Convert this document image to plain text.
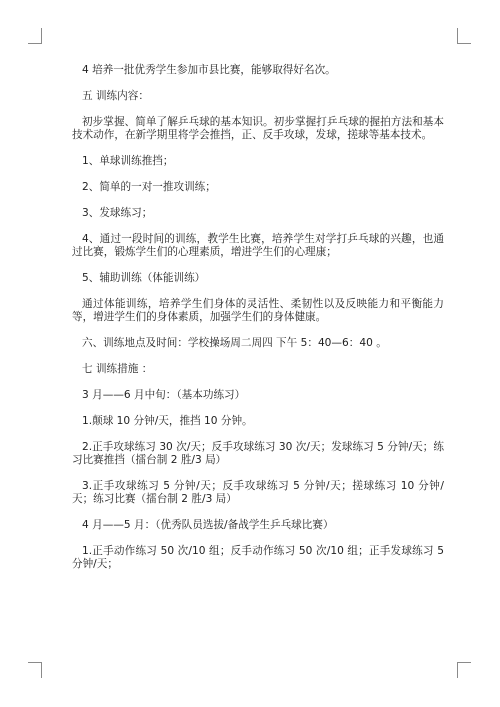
4 培养一批优秀学生参加市县比赛，能够取得好名次。

五 训练内容：

初步掌握、简单了解乒乓球的基本知识。初步掌握打乒乓球的握拍方法和基本技术动作，在新学期里将学会推挡，正、反手攻球，发球，搓球等基本技术。

1、单球训练推挡；

2、简单的一对一推攻训练；

3、发球练习；

4、通过一段时间的训练，教学生比赛，培养学生对学打乒乓球的兴趣，也通过比赛，锻炼学生们的心理素质，增进学生们的心理康；

5、辅助训练（体能训练）

通过体能训练，培养学生们身体的灵活性、柔韧性以及反映能力和平衡能力等，增进学生们的身体素质，加强学生们的身体健康。

六、训练地点及时间：学校操场周二周四 下午 5：40—6：40 。

七 训练措施 ：

3 月——6 月中旬：（基本功练习）

1.颠球 10 分钟/天，推挡 10 分钟。

2.正手攻球练习 30 次/天；反手攻球练习 30 次/天；发球练习 5 分钟/天；练习比赛推挡（擂台制 2 胜/3 局）

3.正手攻球练习 5 分钟/天；反手攻球练习 5 分钟/天；搓球练习 10 分钟/天；练习比赛（擂台制 2 胜/3 局）

4 月——5 月：（优秀队员选拔/备战学生乒乓球比赛）

1.正手动作练习 50 次/10 组；反手动作练习 50 次/10 组；正手发球练习 5 分钟/天；
